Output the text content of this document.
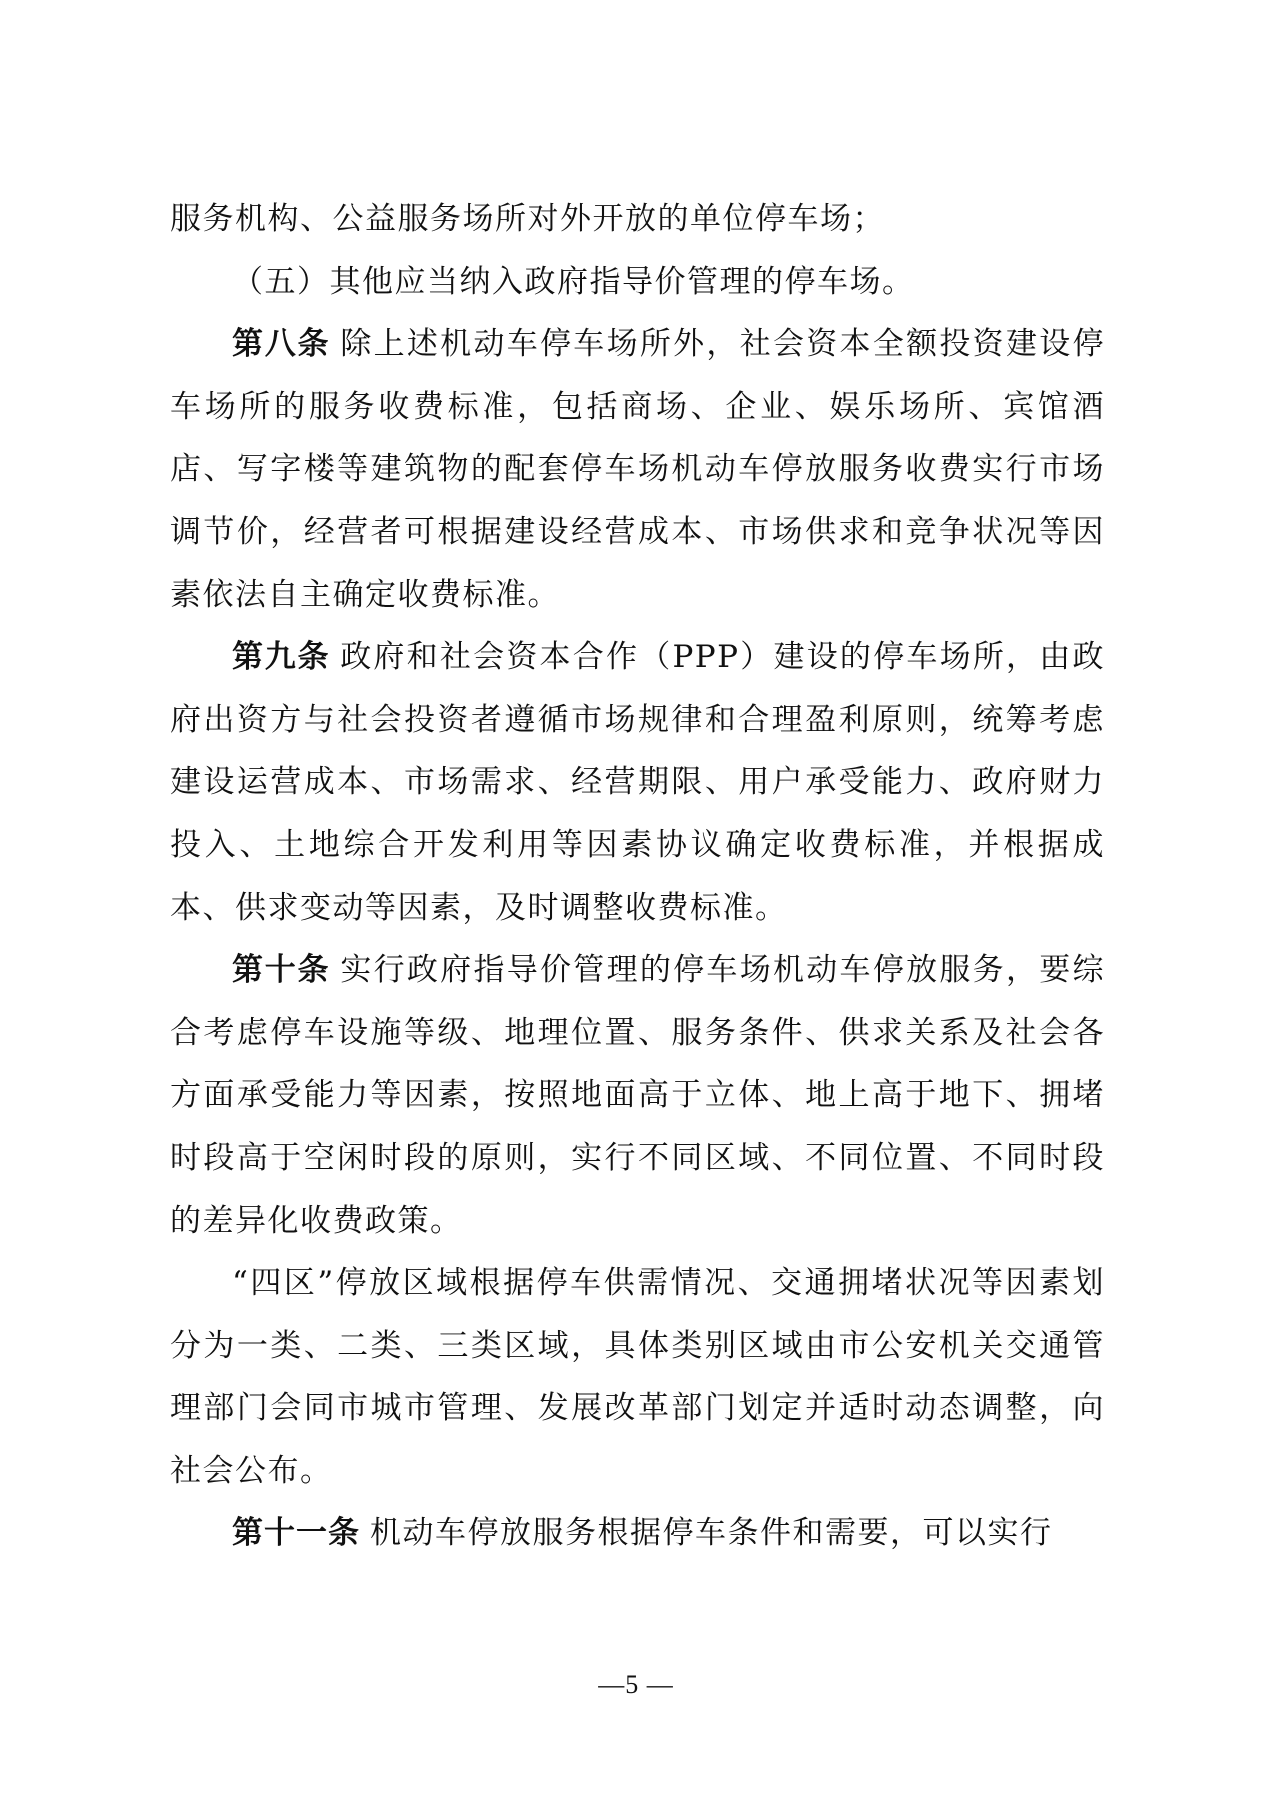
服务机构、公益服务场所对外开放的单位停车场；

（五）其他应当纳入政府指导价管理的停车场。

第八条 除上述机动车停车场所外，社会资本全额投资建设停车场所的服务收费标准，包括商场、企业、娱乐场所、宾馆酒店、写字楼等建筑物的配套停车场机动车停放服务收费实行市场调节价，经营者可根据建设经营成本、市场供求和竞争状况等因素依法自主确定收费标准。

第九条 政府和社会资本合作（PPP）建设的停车场所，由政府出资方与社会投资者遵循市场规律和合理盈利原则，统筹考虑建设运营成本、市场需求、经营期限、用户承受能力、政府财力投入、土地综合开发利用等因素协议确定收费标准，并根据成本、供求变动等因素，及时调整收费标准。

第十条 实行政府指导价管理的停车场机动车停放服务，要综合考虑停车设施等级、地理位置、服务条件、供求关系及社会各方面承受能力等因素，按照地面高于立体、地上高于地下、拥堵时段高于空闲时段的原则，实行不同区域、不同位置、不同时段的差异化收费政策。

“四区”停放区域根据停车供需情况、交通拥堵状况等因素划分为一类、二类、三类区域，具体类别区域由市公安机关交通管理部门会同市城市管理、发展改革部门划定并适时动态调整，向社会公布。

第十一条 机动车停放服务根据停车条件和需要，可以实行

—5 —
